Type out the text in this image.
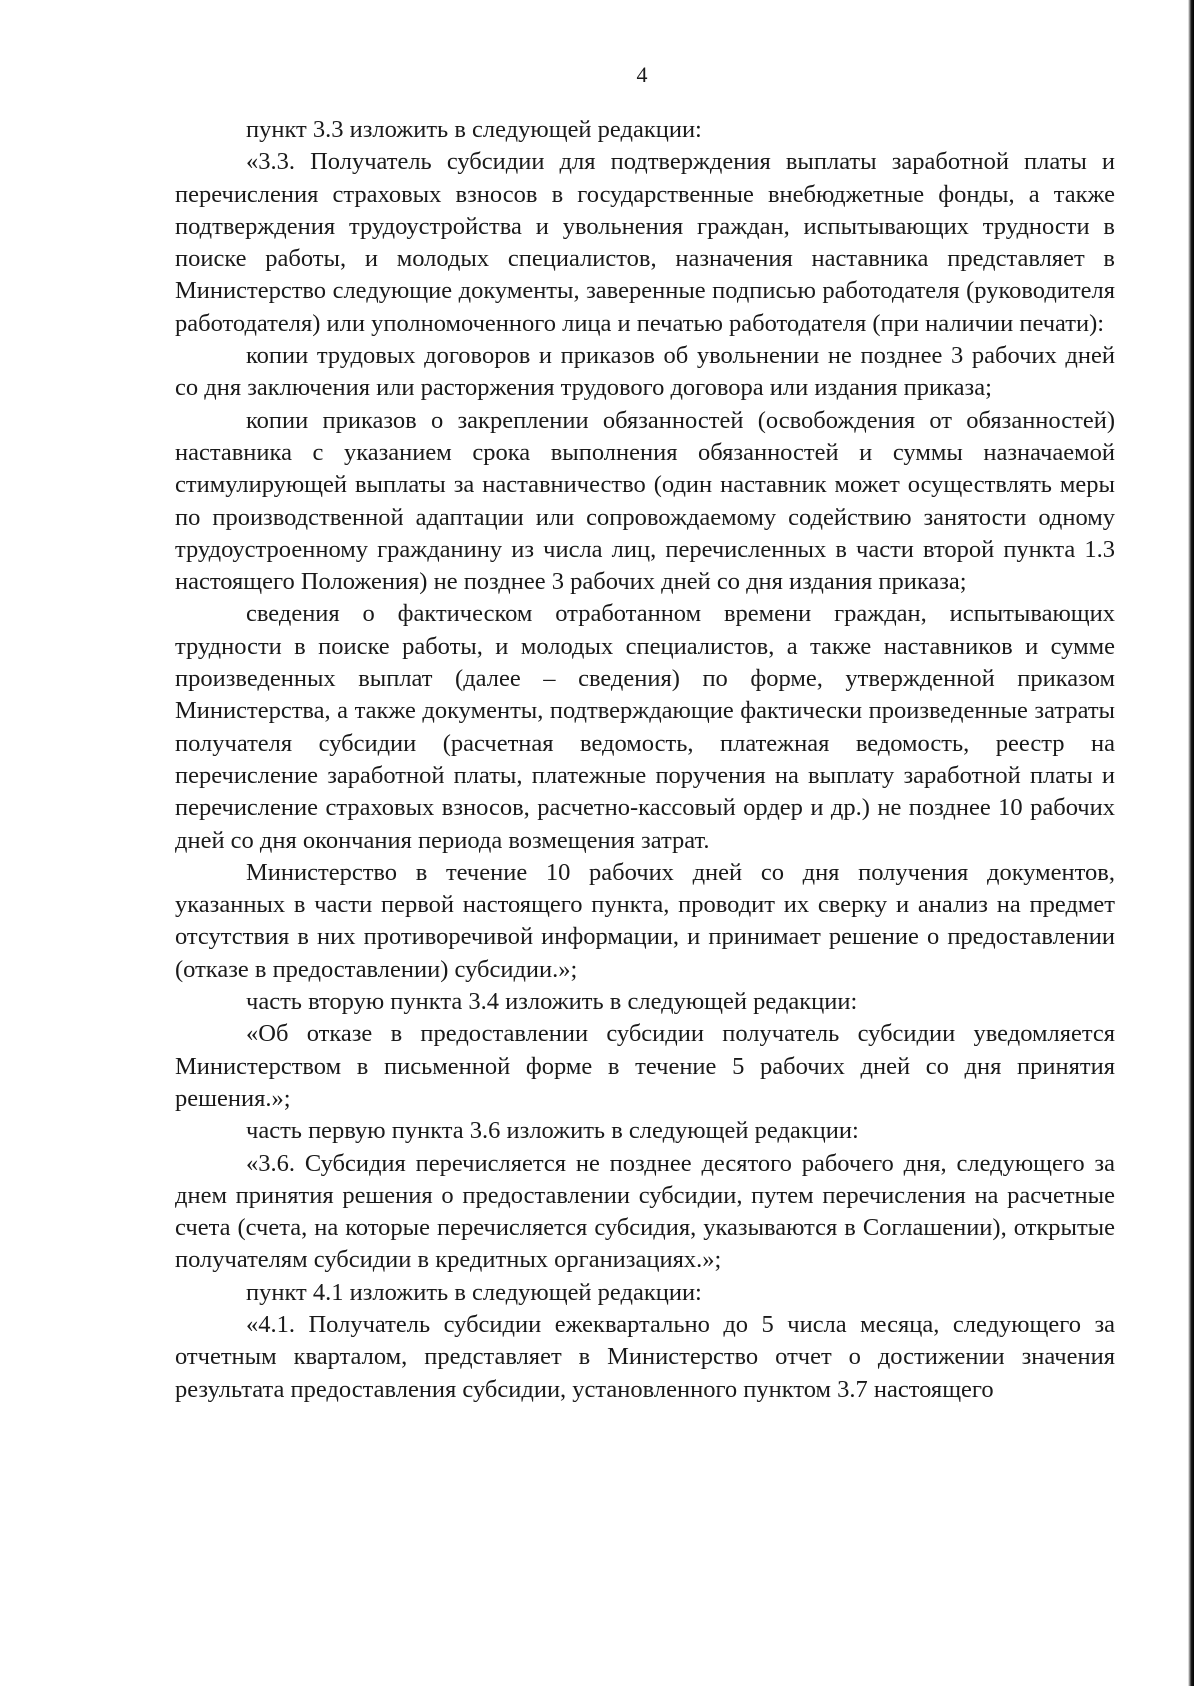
4

пункт 3.3 изложить в следующей редакции:

«3.3. Получатель субсидии для подтверждения выплаты заработной платы и перечисления страховых взносов в государственные внебюджетные фонды, а также подтверждения трудоустройства и увольнения граждан, испытывающих трудности в поиске работы, и молодых специалистов, назначения наставника представляет в Министерство следующие документы, заверенные подписью работодателя (руководителя работодателя) или уполномоченного лица и печатью работодателя (при наличии печати):

копии трудовых договоров и приказов об увольнении не позднее 3 рабочих дней со дня заключения или расторжения трудового договора или издания приказа;

копии приказов о закреплении обязанностей (освобождения от обязанностей) наставника с указанием срока выполнения обязанностей и суммы назначаемой стимулирующей выплаты за наставничество (один наставник может осуществлять меры по производственной адаптации или сопровождаемому содействию занятости одному трудоустроенному гражданину из числа лиц, перечисленных в части второй пункта 1.3 настоящего Положения) не позднее 3 рабочих дней со дня издания приказа;

сведения о фактическом отработанном времени граждан, испытывающих трудности в поиске работы, и молодых специалистов, а также наставников и сумме произведенных выплат (далее – сведения) по форме, утвержденной приказом Министерства, а также документы, подтверждающие фактически произведенные затраты получателя субсидии (расчетная ведомость, платежная ведомость, реестр на перечисление заработной платы, платежные поручения на выплату заработной платы и перечисление страховых взносов, расчетно-кассовый ордер и др.) не позднее 10 рабочих дней со дня окончания периода возмещения затрат.

Министерство в течение 10 рабочих дней со дня получения документов, указанных в части первой настоящего пункта, проводит их сверку и анализ на предмет отсутствия в них противоречивой информации, и принимает решение о предоставлении (отказе в предоставлении) субсидии.»;

часть вторую пункта 3.4 изложить в следующей редакции:

«Об отказе в предоставлении субсидии получатель субсидии уведомляется Министерством в письменной форме в течение 5 рабочих дней со дня принятия решения.»;

часть первую пункта 3.6 изложить в следующей редакции:

«3.6. Субсидия перечисляется не позднее десятого рабочего дня, следующего за днем принятия решения о предоставлении субсидии, путем перечисления на расчетные счета (счета, на которые перечисляется субсидия, указываются в Соглашении), открытые получателям субсидии в кредитных организациях.»;

пункт 4.1 изложить в следующей редакции:

«4.1. Получатель субсидии ежеквартально до 5 числа месяца, следующего за отчетным кварталом, представляет в Министерство отчет о достижении значения результата предоставления субсидии, установленного пунктом 3.7 настоящего
